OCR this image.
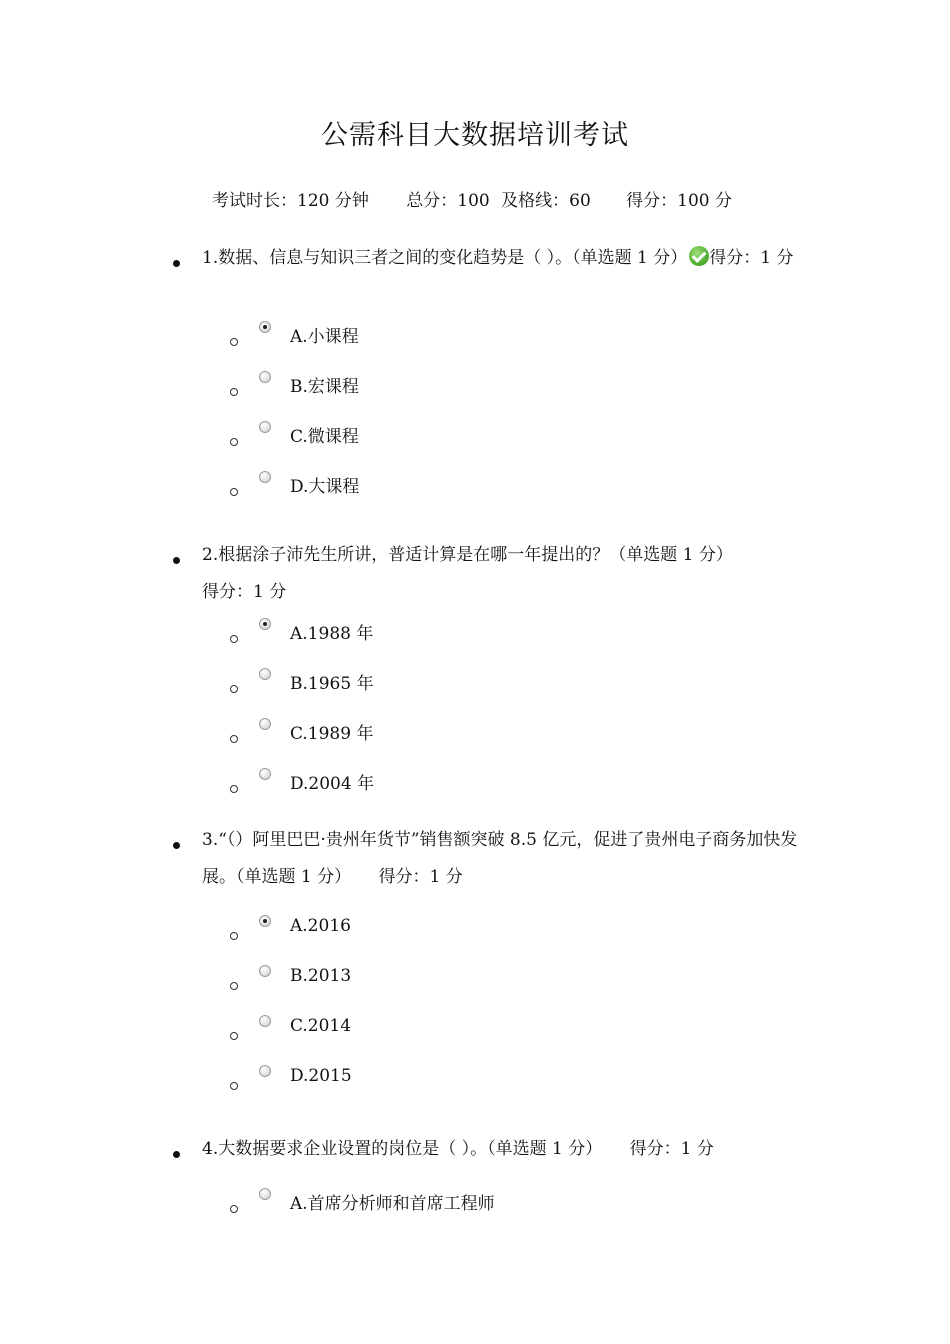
公需科目大数据培训考试
考试时长：120 分钟 总分：100 及格线：60 得分：100 分
1.数据、信息与知识三者之间的变化趋势是（ ）。（单选题 1 分） 得分：1 分
A.小课程
B.宏课程
C.微课程
D.大课程
2.根据涂子沛先生所讲，普适计算是在哪一年提出的？（单选题 1 分）
得分：1 分
A.1988 年
B.1965 年
C.1989 年
D.2004 年
3.“（）阿里巴巴·贵州年货节”销售额突破 8.5 亿元，促进了贵州电子商务加快发展。（单选题 1 分） 得分：1 分
A.2016
B.2013
C.2014
D.2015
4.大数据要求企业设置的岗位是（ ）。（单选题 1 分） 得分：1 分
A.首席分析师和首席工程师
